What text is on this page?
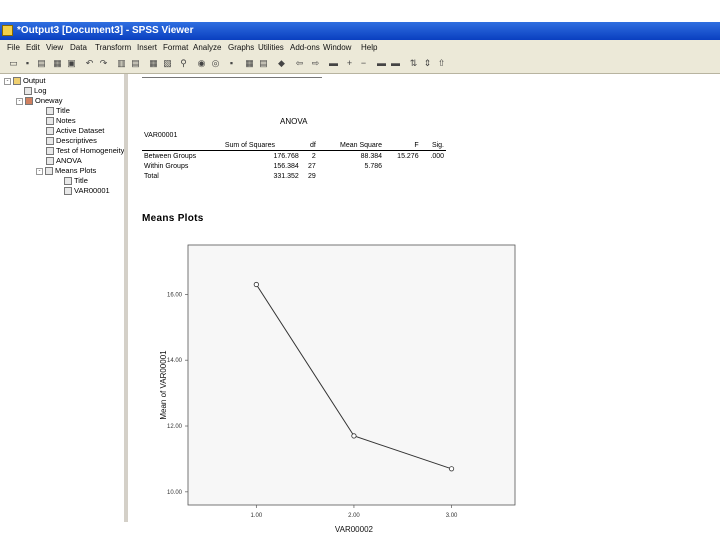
*Output3 [Document3] - SPSS Viewer
File Edit View Data Transform Insert Format Analyze Graphs Utilities Add-ons Window Help
▭ ▪ ▤ ▦ ▣ ↶ ↷ ▥ ▤ ▦ ▧ ⚲ ◉ ◎	▪	▦ ▤ ◆ ⇦ ⇨ ▬ + −	▬ ▬ ⇅ ⇕ ⇧
- Output
Log
- Oneway
Title
Notes
Active Dataset
Descriptives
Test of Homogeneity
ANOVA
- Means Plots
Title
VAR00001
ANOVA
VAR00001
	Sum of Squares	df	Mean Square	F	Sig.
Between Groups	176.768	2	88.384	15.276	.000
Within Groups	156.384	27	5.786		
Total	331.352	29			
Means Plots
10.00
12.00
14.00
16.00
1.00	2.00	3.00
VAR00002
Mean of VAR00001
